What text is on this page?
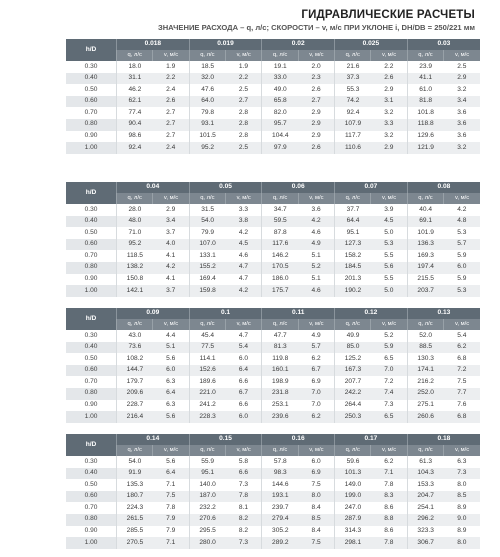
ГИДРАВЛИЧЕСКИЕ РАСЧЕТЫ
ЗНАЧЕНИЕ РАСХОДА – q, л/с; СКОРОСТИ – v, м/с ПРИ УКЛОНЕ i, DН/DВ = 250/221 мм
h/D	0.018		0.019		0.02		0.025		0.03	
	q, л/с	v, м/с	q, л/с	v, м/с	q, л/с	v, м/с	q, л/с	v, м/с	q, л/с	v, м/с
0.30	18.0	1.9	18.5	1.9	19.1	2.0	21.6	2.2	23.9	2.5
0.40	31.1	2.2	32.0	2.2	33.0	2.3	37.3	2.6	41.1	2.9
0.50	46.2	2.4	47.6	2.5	49.0	2.6	55.3	2.9	61.0	3.2
0.60	62.1	2.6	64.0	2.7	65.8	2.7	74.2	3.1	81.8	3.4
0.70	77.4	2.7	79.8	2.8	82.0	2.9	92.4	3.2	101.8	3.6
0.80	90.4	2.7	93.1	2.8	95.7	2.9	107.9	3.3	118.8	3.6
0.90	98.6	2.7	101.5	2.8	104.4	2.9	117.7	3.2	129.6	3.6
1.00	92.4	2.4	95.2	2.5	97.9	2.6	110.6	2.9	121.9	3.2
h/D	0.04		0.05		0.06		0.07		0.08	
	q, л/с	v, м/с	q, л/с	v, м/с	q, л/с	v, м/с	q, л/с	v, м/с	q, л/с	v, м/с
0.30	28.0	2.9	31.5	3.3	34.7	3.6	37.7	3.9	40.4	4.2
0.40	48.0	3.4	54.0	3.8	59.5	4.2	64.4	4.5	69.1	4.8
0.50	71.0	3.7	79.9	4.2	87.8	4.6	95.1	5.0	101.9	5.3
0.60	95.2	4.0	107.0	4.5	117.6	4.9	127.3	5.3	136.3	5.7
0.70	118.5	4.1	133.1	4.6	146.2	5.1	158.2	5.5	169.3	5.9
0.80	138.2	4.2	155.2	4.7	170.5	5.2	184.5	5.6	197.4	6.0
0.90	150.8	4.1	169.4	4.7	186.0	5.1	201.3	5.5	215.5	5.9
1.00	142.1	3.7	159.8	4.2	175.7	4.6	190.2	5.0	203.7	5.3
h/D	0.09		0.1		0.11		0.12		0.13	
	q, л/с	v, м/с	q, л/с	v, м/с	q, л/с	v, м/с	q, л/с	v, м/с	q, л/с	v, м/с
0.30	43.0	4.4	45.4	4.7	47.7	4.9	49.9	5.2	52.0	5.4
0.40	73.6	5.1	77.5	5.4	81.3	5.7	85.0	5.9	88.5	6.2
0.50	108.2	5.6	114.1	6.0	119.8	6.2	125.2	6.5	130.3	6.8
0.60	144.7	6.0	152.6	6.4	160.1	6.7	167.3	7.0	174.1	7.2
0.70	179.7	6.3	189.6	6.6	198.9	6.9	207.7	7.2	216.2	7.5
0.80	209.6	6.4	221.0	6.7	231.8	7.0	242.2	7.4	252.0	7.7
0.90	228.7	6.3	241.2	6.6	253.1	7.0	264.4	7.3	275.1	7.6
1.00	216.4	5.6	228.3	6.0	239.6	6.2	250.3	6.5	260.6	6.8
h/D	0.14		0.15		0.16		0.17		0.18	
	q, л/с	v, м/с	q, л/с	v, м/с	q, л/с	v, м/с	q, л/с	v, м/с	q, л/с	v, м/с
0.30	54.0	5.6	55.9	5.8	57.8	6.0	59.6	6.2	61.3	6.3
0.40	91.9	6.4	95.1	6.6	98.3	6.9	101.3	7.1	104.3	7.3
0.50	135.3	7.1	140.0	7.3	144.6	7.5	149.0	7.8	153.3	8.0
0.60	180.7	7.5	187.0	7.8	193.1	8.0	199.0	8.3	204.7	8.5
0.70	224.3	7.8	232.2	8.1	239.7	8.4	247.0	8.6	254.1	8.9
0.80	261.5	7.9	270.6	8.2	279.4	8.5	287.9	8.8	296.2	9.0
0.90	285.5	7.9	295.5	8.2	305.2	8.4	314.3	8.6	323.3	8.9
1.00	270.5	7.1	280.0	7.3	289.2	7.5	298.1	7.8	306.7	8.0
